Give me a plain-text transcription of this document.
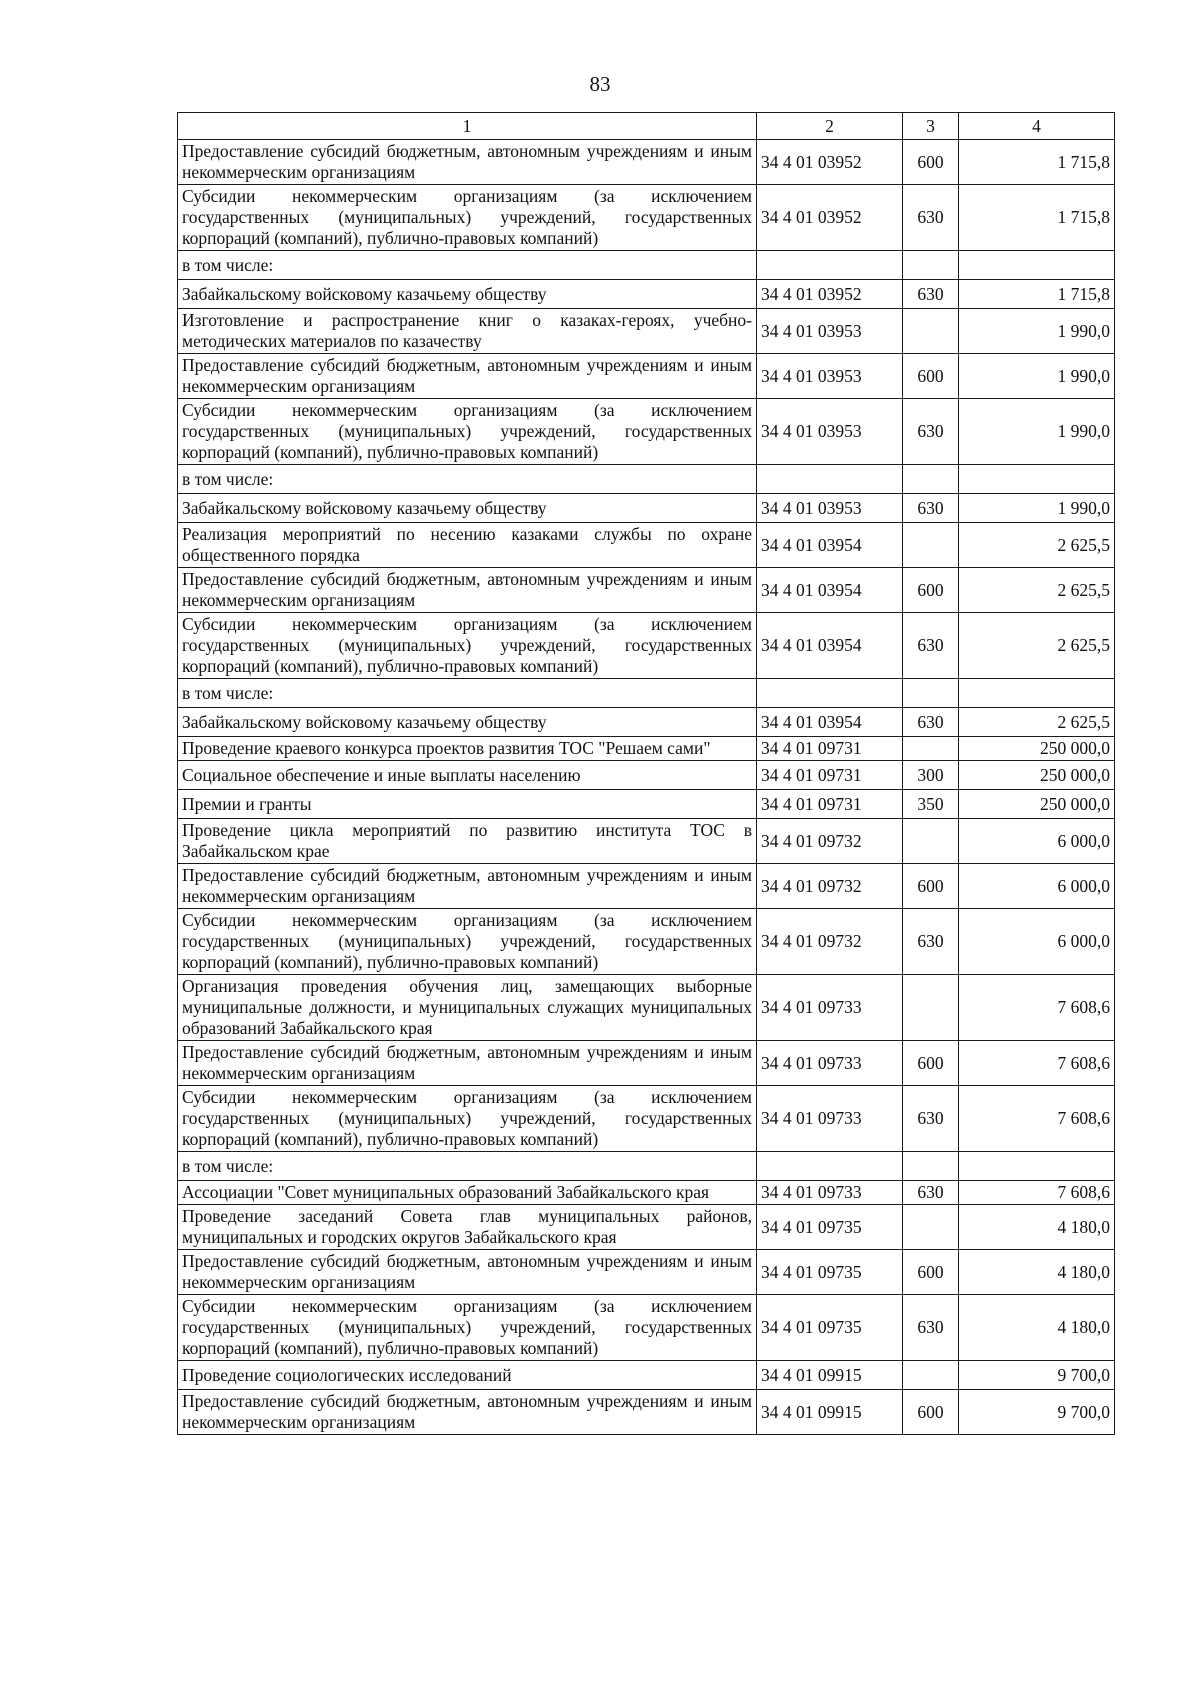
83
1	2	3	4
Предоставление субсидий бюджетным, автономным учреждениям и иным некоммерческим организациям	34 4 01 03952	600	1 715,8
Субсидии некоммерческим организациям (за исключением государственных (муниципальных) учреждений, государственных корпораций (компаний), публично-правовых компаний)	34 4 01 03952	630	1 715,8
в том числе:			
Забайкальскому войсковому казачьему обществу	34 4 01 03952	630	1 715,8
Изготовление и распространение книг о казаках-героях, учебно-методических материалов по казачеству	34 4 01 03953		1 990,0
Предоставление субсидий бюджетным, автономным учреждениям и иным некоммерческим организациям	34 4 01 03953	600	1 990,0
Субсидии некоммерческим организациям (за исключением государственных (муниципальных) учреждений, государственных корпораций (компаний), публично-правовых компаний)	34 4 01 03953	630	1 990,0
в том числе:			
Забайкальскому войсковому казачьему обществу	34 4 01 03953	630	1 990,0
Реализация мероприятий по несению казаками службы по охране общественного порядка	34 4 01 03954		2 625,5
Предоставление субсидий бюджетным, автономным учреждениям и иным некоммерческим организациям	34 4 01 03954	600	2 625,5
Субсидии некоммерческим организациям (за исключением государственных (муниципальных) учреждений, государственных корпораций (компаний), публично-правовых компаний)	34 4 01 03954	630	2 625,5
в том числе:			
Забайкальскому войсковому казачьему обществу	34 4 01 03954	630	2 625,5
Проведение краевого конкурса проектов развития ТОС "Решаем сами"	34 4 01 09731		250 000,0
Социальное обеспечение и иные выплаты населению	34 4 01 09731	300	250 000,0
Премии и гранты	34 4 01 09731	350	250 000,0
Проведение цикла мероприятий по развитию института ТОС в Забайкальском крае	34 4 01 09732		6 000,0
Предоставление субсидий бюджетным, автономным учреждениям и иным некоммерческим организациям	34 4 01 09732	600	6 000,0
Субсидии некоммерческим организациям (за исключением государственных (муниципальных) учреждений, государственных корпораций (компаний), публично-правовых компаний)	34 4 01 09732	630	6 000,0
Организация проведения обучения лиц, замещающих выборные муниципальные должности, и муниципальных служащих муниципальных образований Забайкальского края	34 4 01 09733		7 608,6
Предоставление субсидий бюджетным, автономным учреждениям и иным некоммерческим организациям	34 4 01 09733	600	7 608,6
Субсидии некоммерческим организациям (за исключением государственных (муниципальных) учреждений, государственных корпораций (компаний), публично-правовых компаний)	34 4 01 09733	630	7 608,6
в том числе:			
Ассоциации "Совет муниципальных образований Забайкальского края	34 4 01 09733	630	7 608,6
Проведение заседаний Совета глав муниципальных районов, муниципальных и городских округов Забайкальского края	34 4 01 09735		4 180,0
Предоставление субсидий бюджетным, автономным учреждениям и иным некоммерческим организациям	34 4 01 09735	600	4 180,0
Субсидии некоммерческим организациям (за исключением государственных (муниципальных) учреждений, государственных корпораций (компаний), публично-правовых компаний)	34 4 01 09735	630	4 180,0
Проведение социологических исследований	34 4 01 09915		9 700,0
Предоставление субсидий бюджетным, автономным учреждениям и иным некоммерческим организациям	34 4 01 09915	600	9 700,0
